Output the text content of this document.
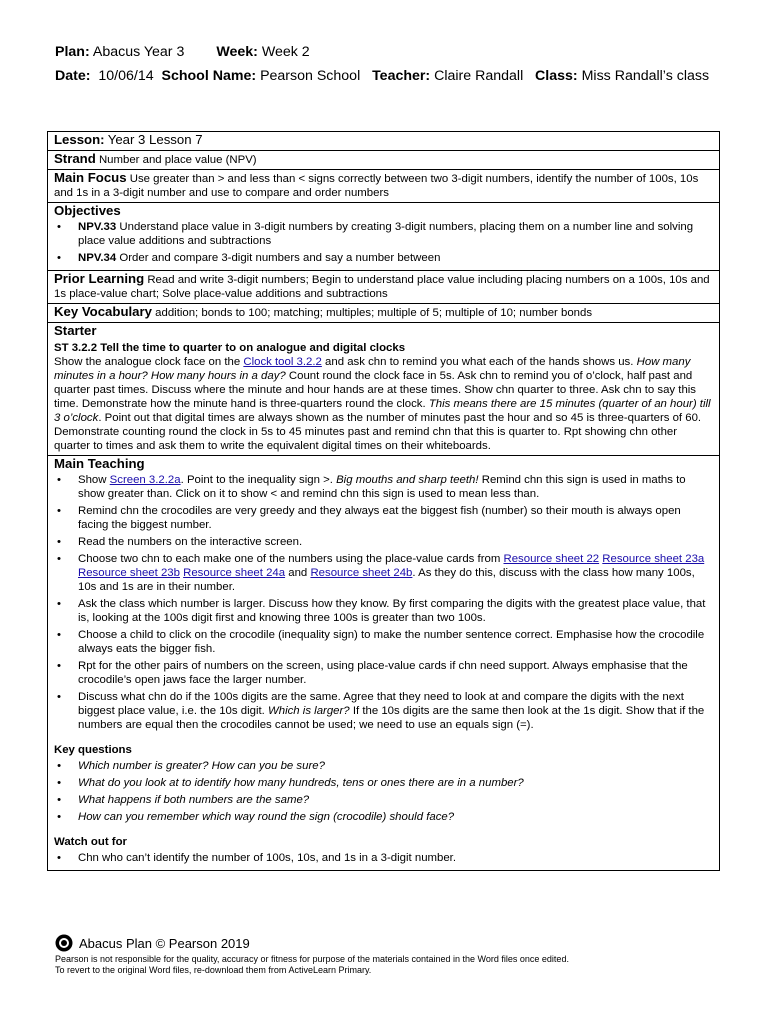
Plan: Abacus Year 3 Week: Week 2
Date: 10/06/14 School Name: Pearson School Teacher: Claire Randall Class: Miss Randall’s class
Lesson: Year 3 Lesson 7
Strand Number and place value (NPV)
Main Focus Use greater than > and less than < signs correctly between two 3-digit numbers, identify the number of 100s, 10s and 1s in a 3-digit number and use to compare and order numbers

Objectives
• NPV.33 Understand place value in 3-digit numbers by creating 3-digit numbers, placing them on a number line and solving place value additions and subtractions
• NPV.34 Order and compare 3-digit numbers and say a number between

Prior Learning Read and write 3-digit numbers; Begin to understand place value including placing numbers on a 100s, 10s and 1s place-value chart; Solve place-value additions and subtractions
Key Vocabulary addition; bonds to 100; matching; multiples; multiple of 5; multiple of 10; number bonds

Starter
ST 3.2.2 Tell the time to quarter to on analogue and digital clocks

Show the analogue clock face on the Clock tool 3.2.2 and ask chn to remind you what each of the hands shows us. How many minutes in a hour? How many hours in a day? Count round the clock face in 5s. Ask chn to remind you of o’clock, half past and quarter past times. Discuss where the minute and hour hands are at these times. Show chn quarter to three. Ask chn to say this time. Demonstrate how the minute hand is three-quarters round the clock. This means there are 15 minutes (quarter of an hour) till 3 o’clock. Point out that digital times are always shown as the number of minutes past the hour and so 45 is three-quarters of 60. Demonstrate counting round the clock in 5s to 45 minutes past and remind chn that this is quarter to. Rpt showing chn other quarter to times and ask them to write the equivalent digital times on their whiteboards.

Main Teaching
• Show Screen 3.2.2a. Point to the inequality sign >. Big mouths and sharp teeth! Remind chn this sign is used in maths to show greater than. Click on it to show < and remind chn this sign is used to mean less than.
• Remind chn the crocodiles are very greedy and they always eat the biggest fish (number) so their mouth is always open facing the biggest number.
• Read the numbers on the interactive screen.
• Choose two chn to each make one of the numbers using the place-value cards from Resource sheet 22 Resource sheet 23a Resource sheet 23b Resource sheet 24a and Resource sheet 24b. As they do this, discuss with the class how many 100s, 10s and 1s are in their number.
• Ask the class which number is larger. Discuss how they know. By first comparing the digits with the greatest place value, that is, looking at the 100s digit first and knowing three 100s is greater than two 100s.
• Choose a child to click on the crocodile (inequality sign) to make the number sentence correct. Emphasise how the crocodile always eats the bigger fish.
• Rpt for the other pairs of numbers on the screen, using place-value cards if chn need support. Always emphasise that the crocodile’s open jaws face the larger number.
• Discuss what chn do if the 100s digits are the same. Agree that they need to look at and compare the digits with the next biggest place value, i.e. the 10s digit. Which is larger? If the 10s digits are the same then look at the 1s digit. Show that if the numbers are equal then the crocodiles cannot be used; we need to use an equals sign (=).
Key questions
• Which number is greater? How can you be sure?
• What do you look at to identify how many hundreds, tens or ones there are in a number?
• What happens if both numbers are the same?
• How can you remember which way round the sign (crocodile) should face?
Watch out for
• Chn who can’t identify the number of 100s, 10s, and 1s in a 3-digit number.
Abacus Plan © Pearson 2019
Pearson is not responsible for the quality, accuracy or fitness for purpose of the materials contained in the Word files once edited.
To revert to the original Word files, re-download them from ActiveLearn Primary.
